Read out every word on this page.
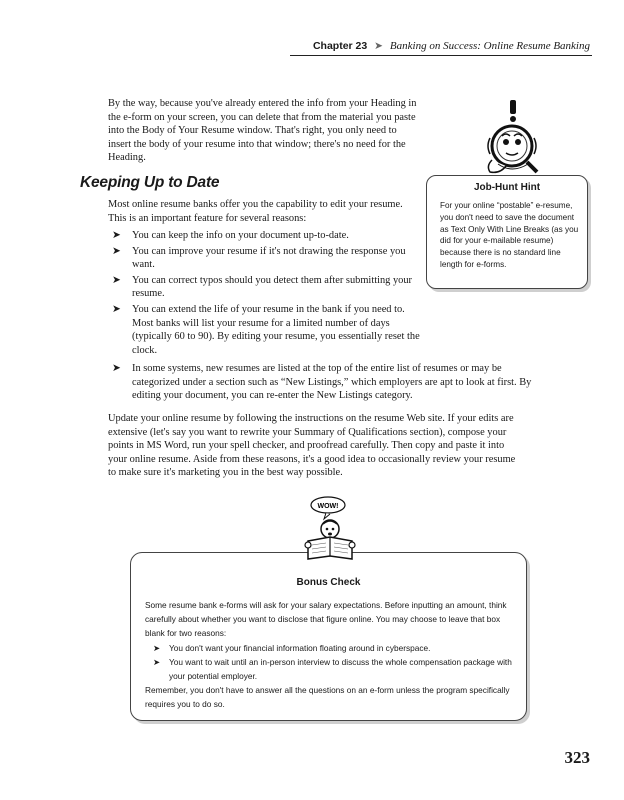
Chapter 23 ➤ Banking on Success: Online Resume Banking

By the way, because you've already entered the info from your Heading in the e-form on your screen, you can delete that from the material you paste into the Body of Your Resume window. That's right, you only need to insert the body of your resume into that window; there's no need for the Heading.

Keeping Up to Date

Most online resume banks offer you the capability to edit your resume. This is an important feature for several reasons:

➤ You can keep the info on your document up-to-date.
➤ You can improve your resume if it's not drawing the response you want.
➤ You can correct typos should you detect them after submitting your resume.
➤ You can extend the life of your resume in the bank if you need to. Most banks will list your resume for a limited number of days (typically 60 to 90). By editing your resume, you essentially reset the clock.
➤ In some systems, new resumes are listed at the top of the entire list of resumes or may be categorized under a section such as “New Listings,” which employers are apt to look at first. By editing your document, you can re-enter the New Listings category.

Update your online resume by following the instructions on the resume Web site. If your edits are extensive (let's say you want to rewrite your Summary of Qualifications section), compose your points in MS Word, run your spell checker, and proofread carefully. Then copy and paste it into your online resume. Aside from these reasons, it's a good idea to occasionally review your resume to make sure it's marketing you in the best way possible.

Job-Hunt Hint
For your online “postable” e-resume, you don't need to save the document as Text Only With Line Breaks (as you did for your e-mailable resume) because there is no standard line length for e-forms.
Bonus Check
Some resume bank e-forms will ask for your salary expectations. Before inputting an amount, think carefully about whether you want to disclose that figure online. You may choose to leave that box blank for two reasons:
➤ You don't want your financial information floating around in cyberspace.
➤ You want to wait until an in-person interview to discuss the whole compensation package with your potential employer.
Remember, you don't have to answer all the questions on an e-form unless the program specifically requires you to do so.
WOW!
323
